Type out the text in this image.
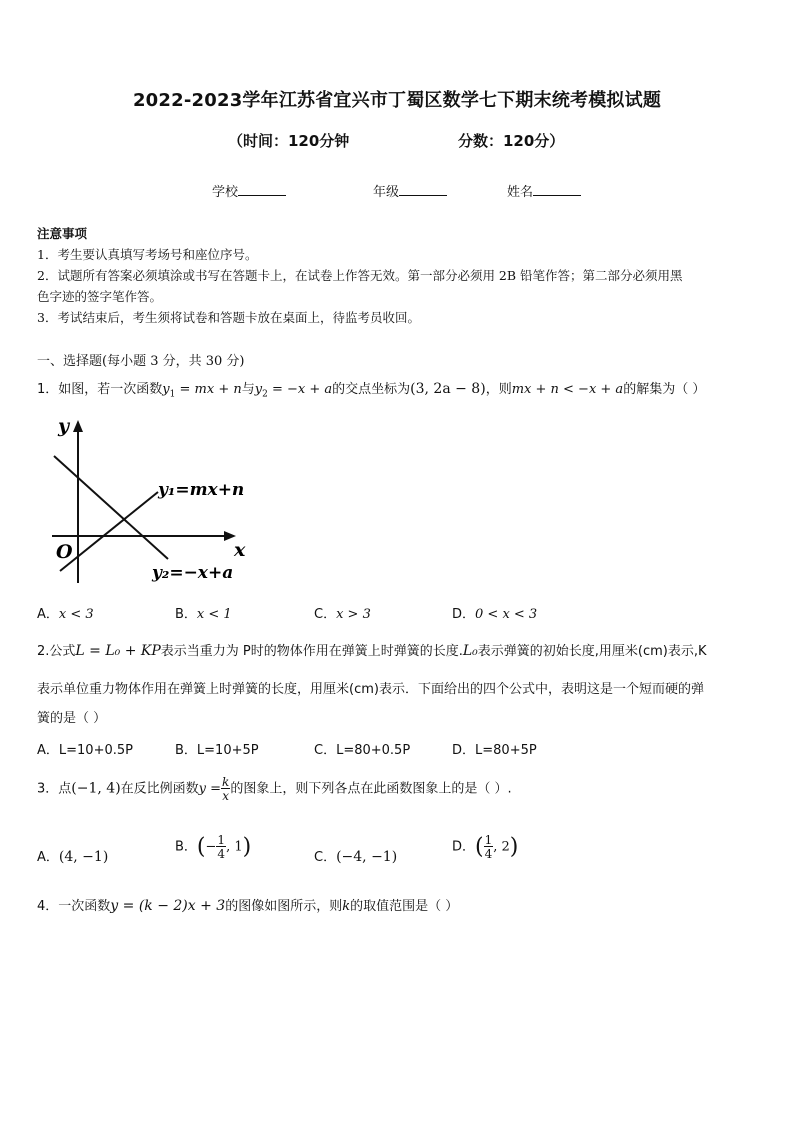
2022-2023学年江苏省宜兴市丁蜀区数学七下期末统考模拟试题
（时间：120分钟	分数：120分）
学校	年级	姓名
注意事项
1．考生要认真填写考场号和座位序号。
2．试题所有答案必须填涂或书写在答题卡上，在试卷上作答无效。第一部分必须用 2B 铅笔作答；第二部分必须用黑
色字迹的签字笔作答。
3．考试结束后，考生须将试卷和答题卡放在桌面上，待监考员收回。
一、选择题(每小题 3 分，共 30 分)
1．如图，若一次函数$y_1$ = mx + n与$y_2 = -x + a$的交点坐标为(3, 2a − 8)，则mx + n < −x + a的解集为（ ）
y
x
O
y₁=mx+n
y₂=−x+a
A．x < 3	B．x < 1	C．x > 3	D．0 < x < 3
2.公式L = L₀ + KP表示当重力为 P时的物体作用在弹簧上时弹簧的长度.L₀表示弹簧的初始长度,用厘米(cm)表示,K
表示单位重力物体作用在弹簧上时弹簧的长度，用厘米(cm)表示．下面给出的四个公式中，表明这是一个短而硬的弹
簧的是（ ）
A．L=10+0.5P	B．L=10+5P	C．L=80+0.5P	D．L=80+5P
3．点(−1, 4)在反比例函数$y = \frac{k}{x}$ 的图象上，则下列各点在此函数图象上的是（ ）.
A．(4, −1)
B．(− $\frac{1}{4}$ , 1)	C．(−4, −1)
D．( $\frac{1}{4}$ , 2)
4．一次函数y = (k − 2)x + 3的图像如图所示，则k的取值范围是（ ）
